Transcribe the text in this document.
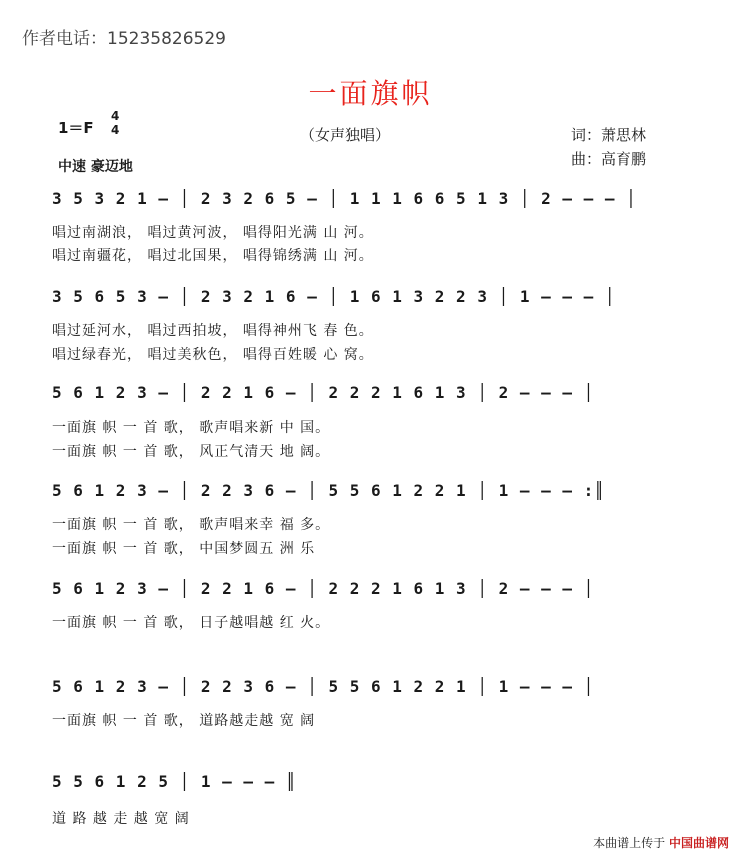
作者电话：15235826529
一面旗帜
1＝F
4
4	（女声独唱）	词：萧思林
曲：高育鹏
中速 豪迈地
3 5 3 2 1 – │ 2 3 2 6 5 – │ 1 1 1 6 6 5 1 3 │ 2 – – – │
唱过南湖浪， 唱过黄河波， 唱得阳光满 山 河。
唱过南疆花， 唱过北国果， 唱得锦绣满 山 河。
3 5 6 5 3 – │ 2 3 2 1 6 – │ 1 6 1 3 2 2 3 │ 1 – – – │
唱过延河水， 唱过西拍坡， 唱得神州飞 春 色。
唱过绿春光， 唱过美秋色， 唱得百姓暖 心 窝。
5 6 1 2 3 – │ 2 2 1 6 – │ 2 2 2 1 6 1 3 │ 2 – – – │
一面旗 帜 一 首 歌， 歌声唱来新 中 国。
一面旗 帜 一 首 歌， 风正气清天 地 阔。
5 6 1 2 3 – │ 2 2 3 6 – │ 5 5 6 1 2 2 1 │ 1 – – – :║
一面旗 帜 一 首 歌， 歌声唱来幸 福 多。
一面旗 帜 一 首 歌， 中国梦圆五 洲 乐
5 6 1 2 3 – │ 2 2 1 6 – │ 2 2 2 1 6 1 3 │ 2 – – – │
一面旗 帜 一 首 歌， 日子越唱越 红 火。
5 6 1 2 3 – │ 2 2 3 6 – │ 5 5 6 1 2 2 1 │ 1 – – – │
一面旗 帜 一 首 歌， 道路越走越 宽 阔
5 5 6 1 2 5 │ 1 – – – ║
道 路 越 走 越 宽 阔
本曲谱上传于 中国曲谱网
